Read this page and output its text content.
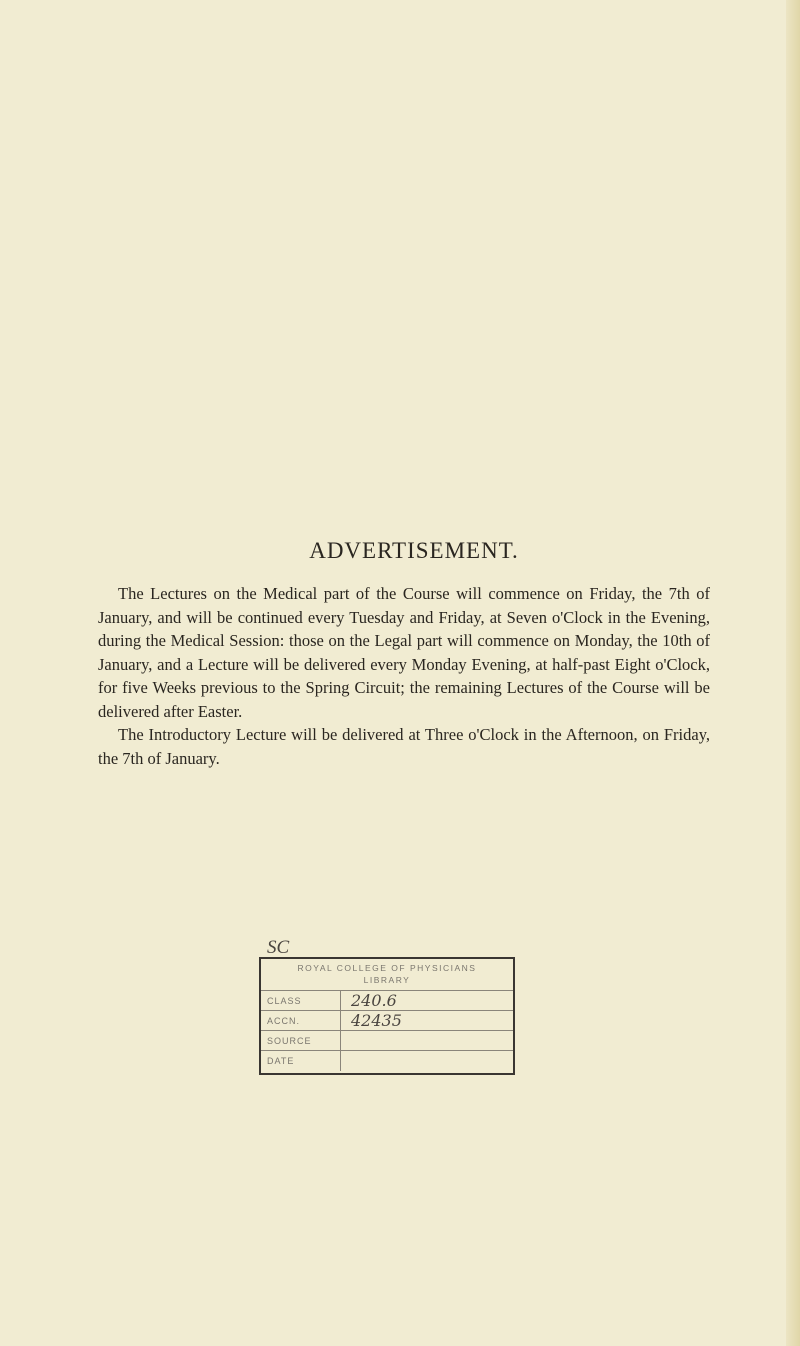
ADVERTISEMENT.

The Lectures on the Medical part of the Course will commence on Friday, the 7th of January, and will be continued every Tuesday and Friday, at Seven o'Clock in the Evening, during the Medical Session: those on the Legal part will commence on Monday, the 10th of January, and a Lecture will be delivered every Monday Evening, at half-past Eight o'Clock, for five Weeks previous to the Spring Circuit; the remaining Lectures of the Course will be delivered after Easter.

The Introductory Lecture will be delivered at Three o'Clock in the Afternoon, on Friday, the 7th of January.

SC
ROYAL COLLEGE OF PHYSICIANS
LIBRARY
CLASS	240.6
ACCN.	42435
SOURCE
DATE
